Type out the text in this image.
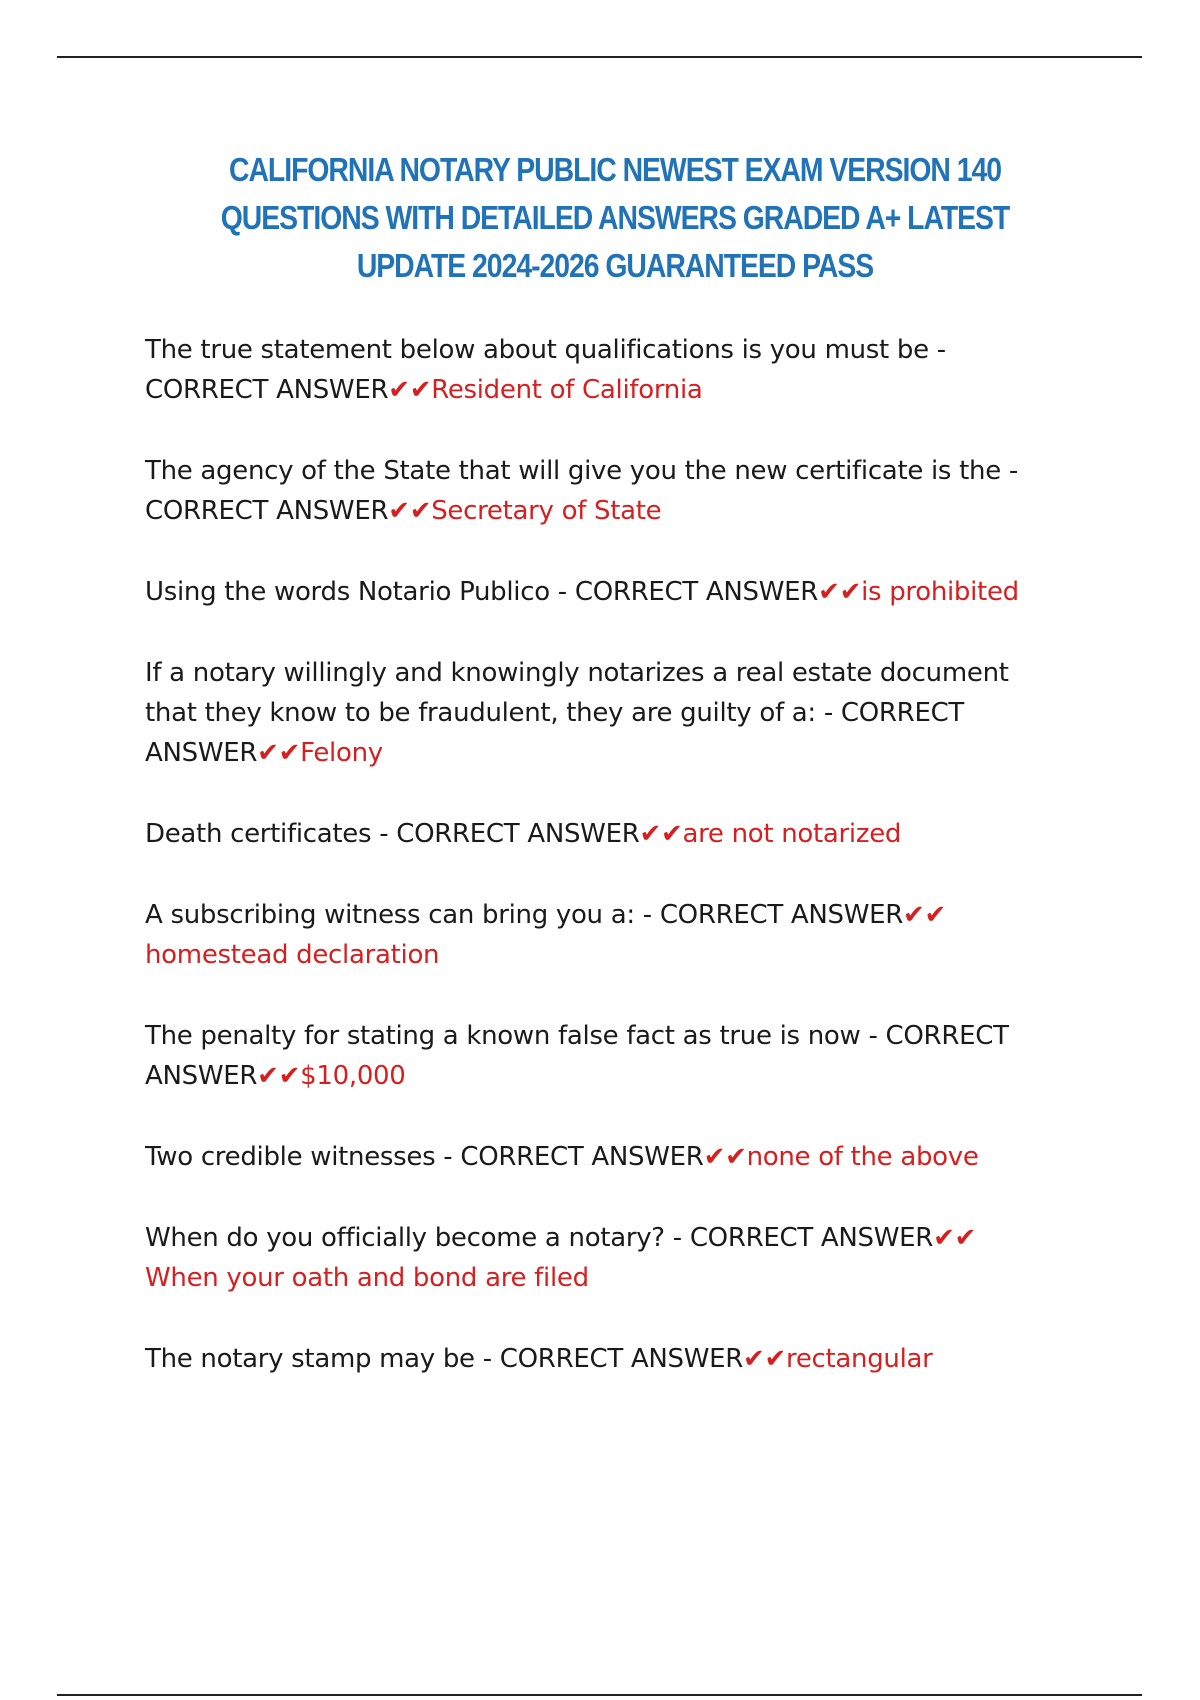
CALIFORNIA NOTARY PUBLIC NEWEST EXAM VERSION 140 QUESTIONS WITH DETAILED ANSWERS GRADED A+ LATEST UPDATE 2024-2026 GUARANTEED PASS

The true statement below about qualifications is you must be - CORRECT ANSWER✔✔Resident of California

The agency of the State that will give you the new certificate is the - CORRECT ANSWER✔✔Secretary of State

Using the words Notario Publico - CORRECT ANSWER✔✔is prohibited

If a notary willingly and knowingly notarizes a real estate document that they know to be fraudulent, they are guilty of a: - CORRECT ANSWER✔✔Felony

Death certificates - CORRECT ANSWER✔✔are not notarized

A subscribing witness can bring you a: - CORRECT ANSWER✔✔
homestead declaration

The penalty for stating a known false fact as true is now - CORRECT ANSWER✔✔$10,000

Two credible witnesses - CORRECT ANSWER✔✔none of the above

When do you officially become a notary? - CORRECT ANSWER✔✔
When your oath and bond are filed

The notary stamp may be - CORRECT ANSWER✔✔rectangular
